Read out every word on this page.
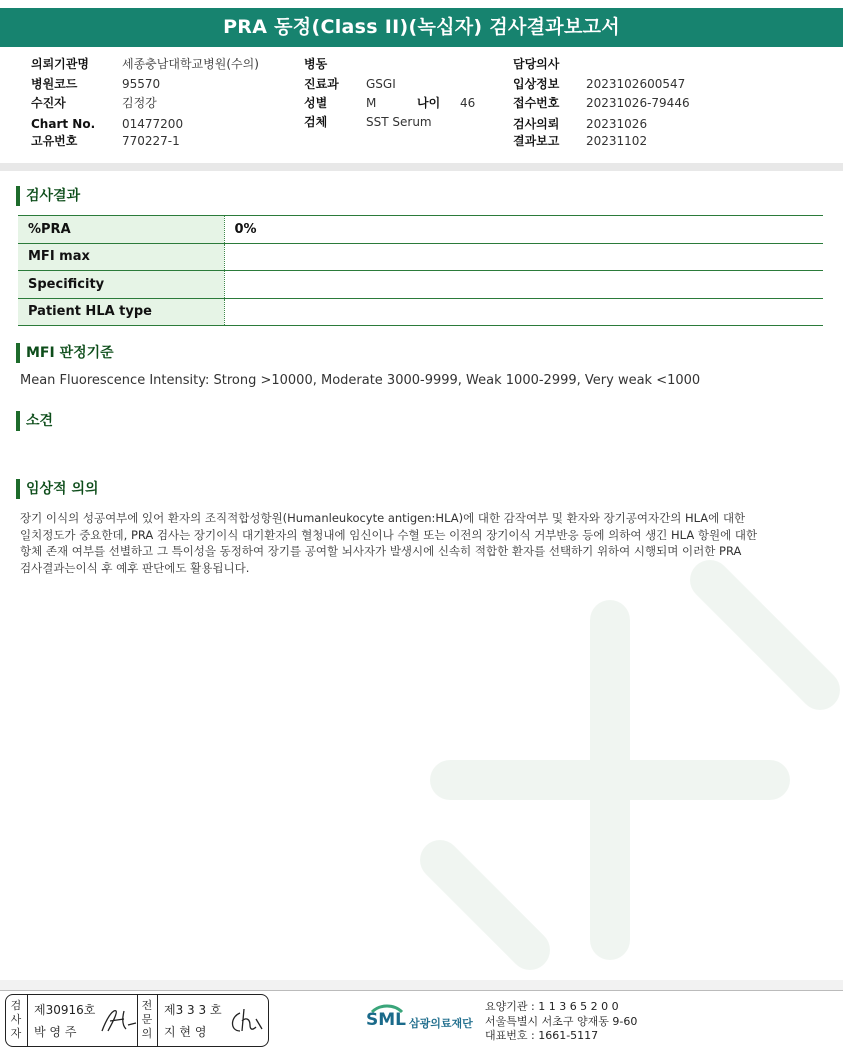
PRA 동정(Class II)(녹십자) 검사결과보고서
의뢰기관명	세종충남대학교병원(수의)
병원코드	95570
수진자	김정강
Chart No. 01477200
고유번호	770227-1
병동
진료과 GSGI
성별	M	나이 46
검체	SST Serum
담당의사
입상정보 2023102600547
접수번호 20231026-79446
검사의뢰 20231026
결과보고 20231102
검사결과
%PRA	0%
MFI max	
Specificity	
Patient HLA type	
MFI 판정기준
Mean Fluorescence Intensity: Strong >10000, Moderate 3000-9999, Weak 1000-2999, Very weak <1000
소견
임상적 의의
장기 이식의 성공여부에 있어 환자의 조직적합성항원(Humanleukocyte antigen:HLA)에 대한 감작여부 및 환자와 장기공여자간의 HLA에 대한
일치정도가 중요한데, PRA 검사는 장기이식 대기환자의 혈청내에 임신이나 수혈 또는 이전의 장기이식 거부반응 등에 의하여 생긴 HLA 항원에 대한
항체 존재 여부를 선별하고 그 특이성을 동정하여 장기를 공여할 뇌사자가 발생시에 신속히 적합한 환자를 선택하기 위하여 시행되며 이러한 PRA
검사결과는이식 후 예후 판단에도 활용됩니다.
검사자
제30916호
박 영 주
전문의
제3 3 3 호
지 현 영
SML 삼광의료재단
요양기관 : 1 1 3 6 5 2 0 0
서울특별시 서초구 양재동 9-60
대표번호 : 1661-5117
